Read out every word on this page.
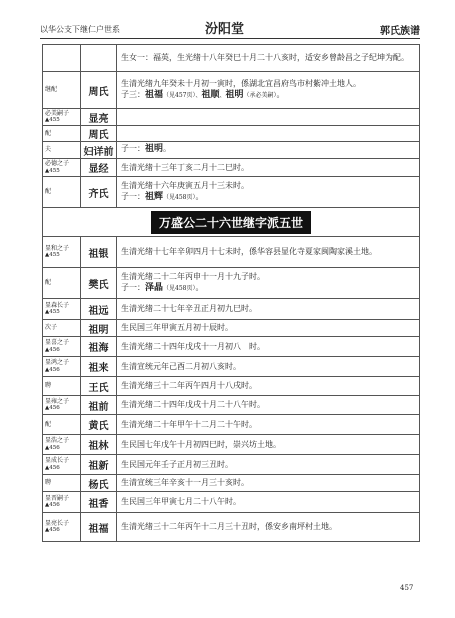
以华公支下继仁户世系	汾阳堂	郭氏族谱
生女一：福英，生光绪十八年癸巳十月二十八亥时，适安乡曾龄昌之子纪坤为配。
继配	周氏
生清光绪九年癸未十月初一寅时，係湖北宜昌府鸟市村紫冲土地人。
子三：祖福（见457页）、祖顺、祖明（承必美嗣）。
必美嗣子
▲455	显亮
配	周氏
夫	妇详前 子一：祖明。
必德之子
▲455	显经 生清光绪十三年丁亥二月十二巳时。
配	齐氏
生清光绪十六年庚寅五月十三未时。
子一：祖辉（见458页）。
万盛公二十六世继字派五世
显和之子
▲455	祖银 生清光绪十七年辛卯四月十七未时，係华容县显化寺夏家闽陶家溪土地。
配	樊氏
生清光绪二十二年丙申十一月十九子时。
子一：泽晶（见458页）。
显森长子
▲455	祖远 生清光绪二十七年辛丑正月初九巳时。
次子	祖明 生民国三年甲寅五月初十辰时。
显喜之子
▲456	祖海 生清光绪二十四年戊戌十一月初八　时。
显鸿之子
▲456	祖来 生清宣统元年己酉二月初八亥时。
聘	王氏 生清光绪三十二年丙午四月十八戌时。
显雍之子
▲456	祖前 生清光绪二十四年戊戌十月二十八午时。
配	黄氏 生清光绪二十年甲午十二月二十午时。
显浩之子
▲456	祖林 生民国七年戊午十月初四巳时，崇兴坊土地。
显成长子
▲456	祖新 生民国元年壬子正月初三丑时。
聘	杨氏 生清宣统三年辛亥十一月三十亥时。
显晋嗣子
▲456	祖香 生民国三年甲寅七月二十八午时。
显亮长子
▲456	祖福 生清光绪三十二年丙午十二月三十丑时，係安乡南坪村土地。
457
